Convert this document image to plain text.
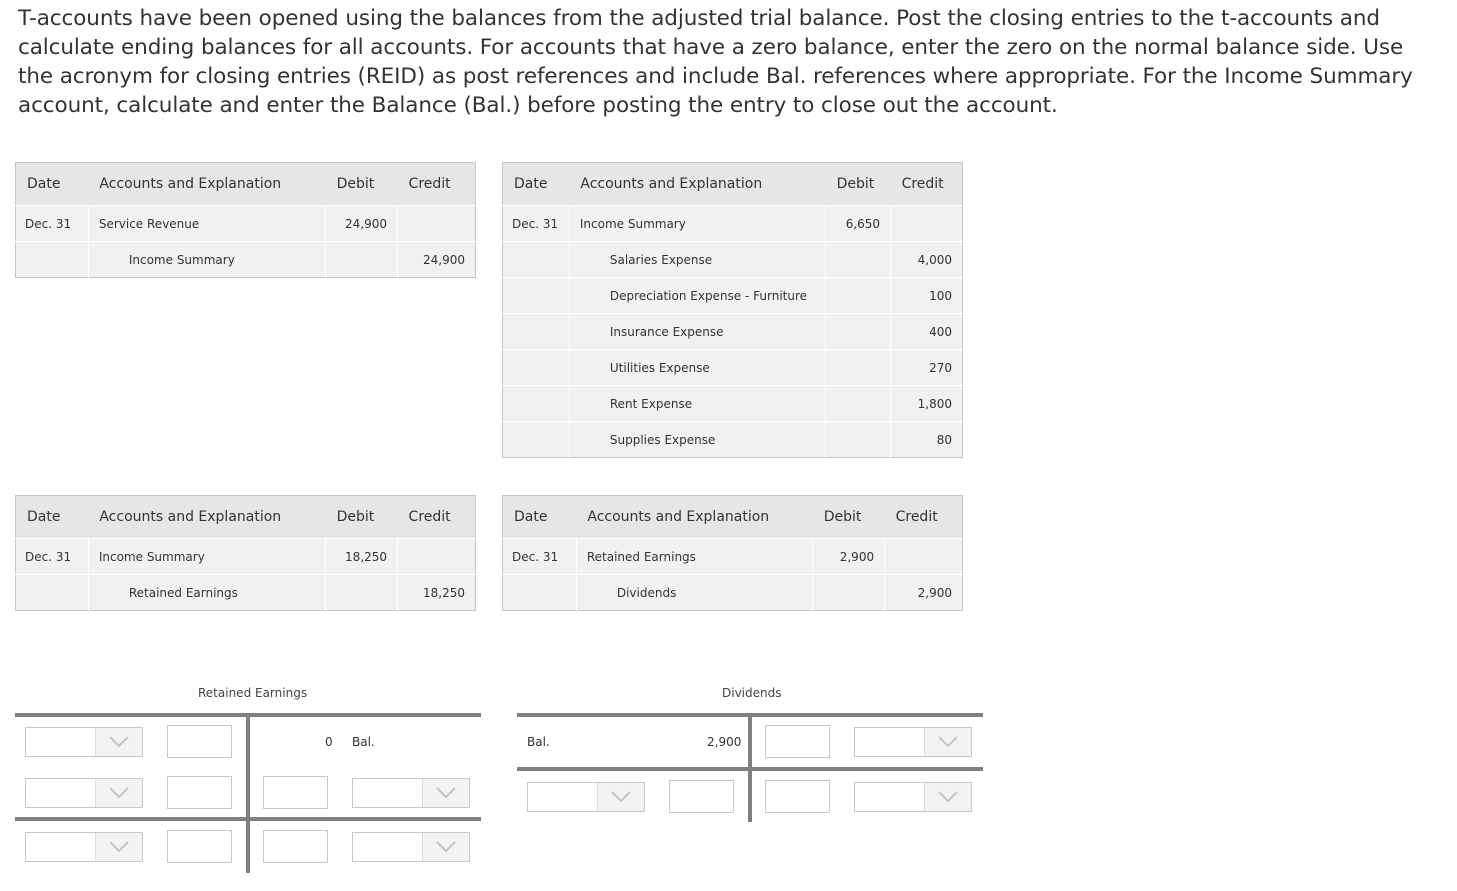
T-accounts have been opened using the balances from the adjusted trial balance. Post the closing entries to the t-accounts and calculate ending balances for all accounts. For accounts that have a zero balance, enter the zero on the normal balance side. Use the acronym for closing entries (REID) as post references and include Bal. references where appropriate. For the Income Summary account, calculate and enter the Balance (Bal.) before posting the entry to close out the account.
Date	Accounts and Explanation	Debit	Credit
Dec. 31	Service Revenue	24,900	
	Income Summary		24,900
Date	Accounts and Explanation	Debit	Credit
Dec. 31	Income Summary	6,650	
	Salaries Expense		4,000
	Depreciation Expense - Furniture		100
	Insurance Expense		400
	Utilities Expense		270
	Rent Expense		1,800
	Supplies Expense		80
Date	Accounts and Explanation	Debit	Credit
Dec. 31	Income Summary	18,250	
	Retained Earnings		18,250
Date	Accounts and Explanation	Debit	Credit
Dec. 31	Retained Earnings	2,900	
	Dividends		2,900
Retained Earnings
0 Bal.
Dividends
Bal.	2,900
